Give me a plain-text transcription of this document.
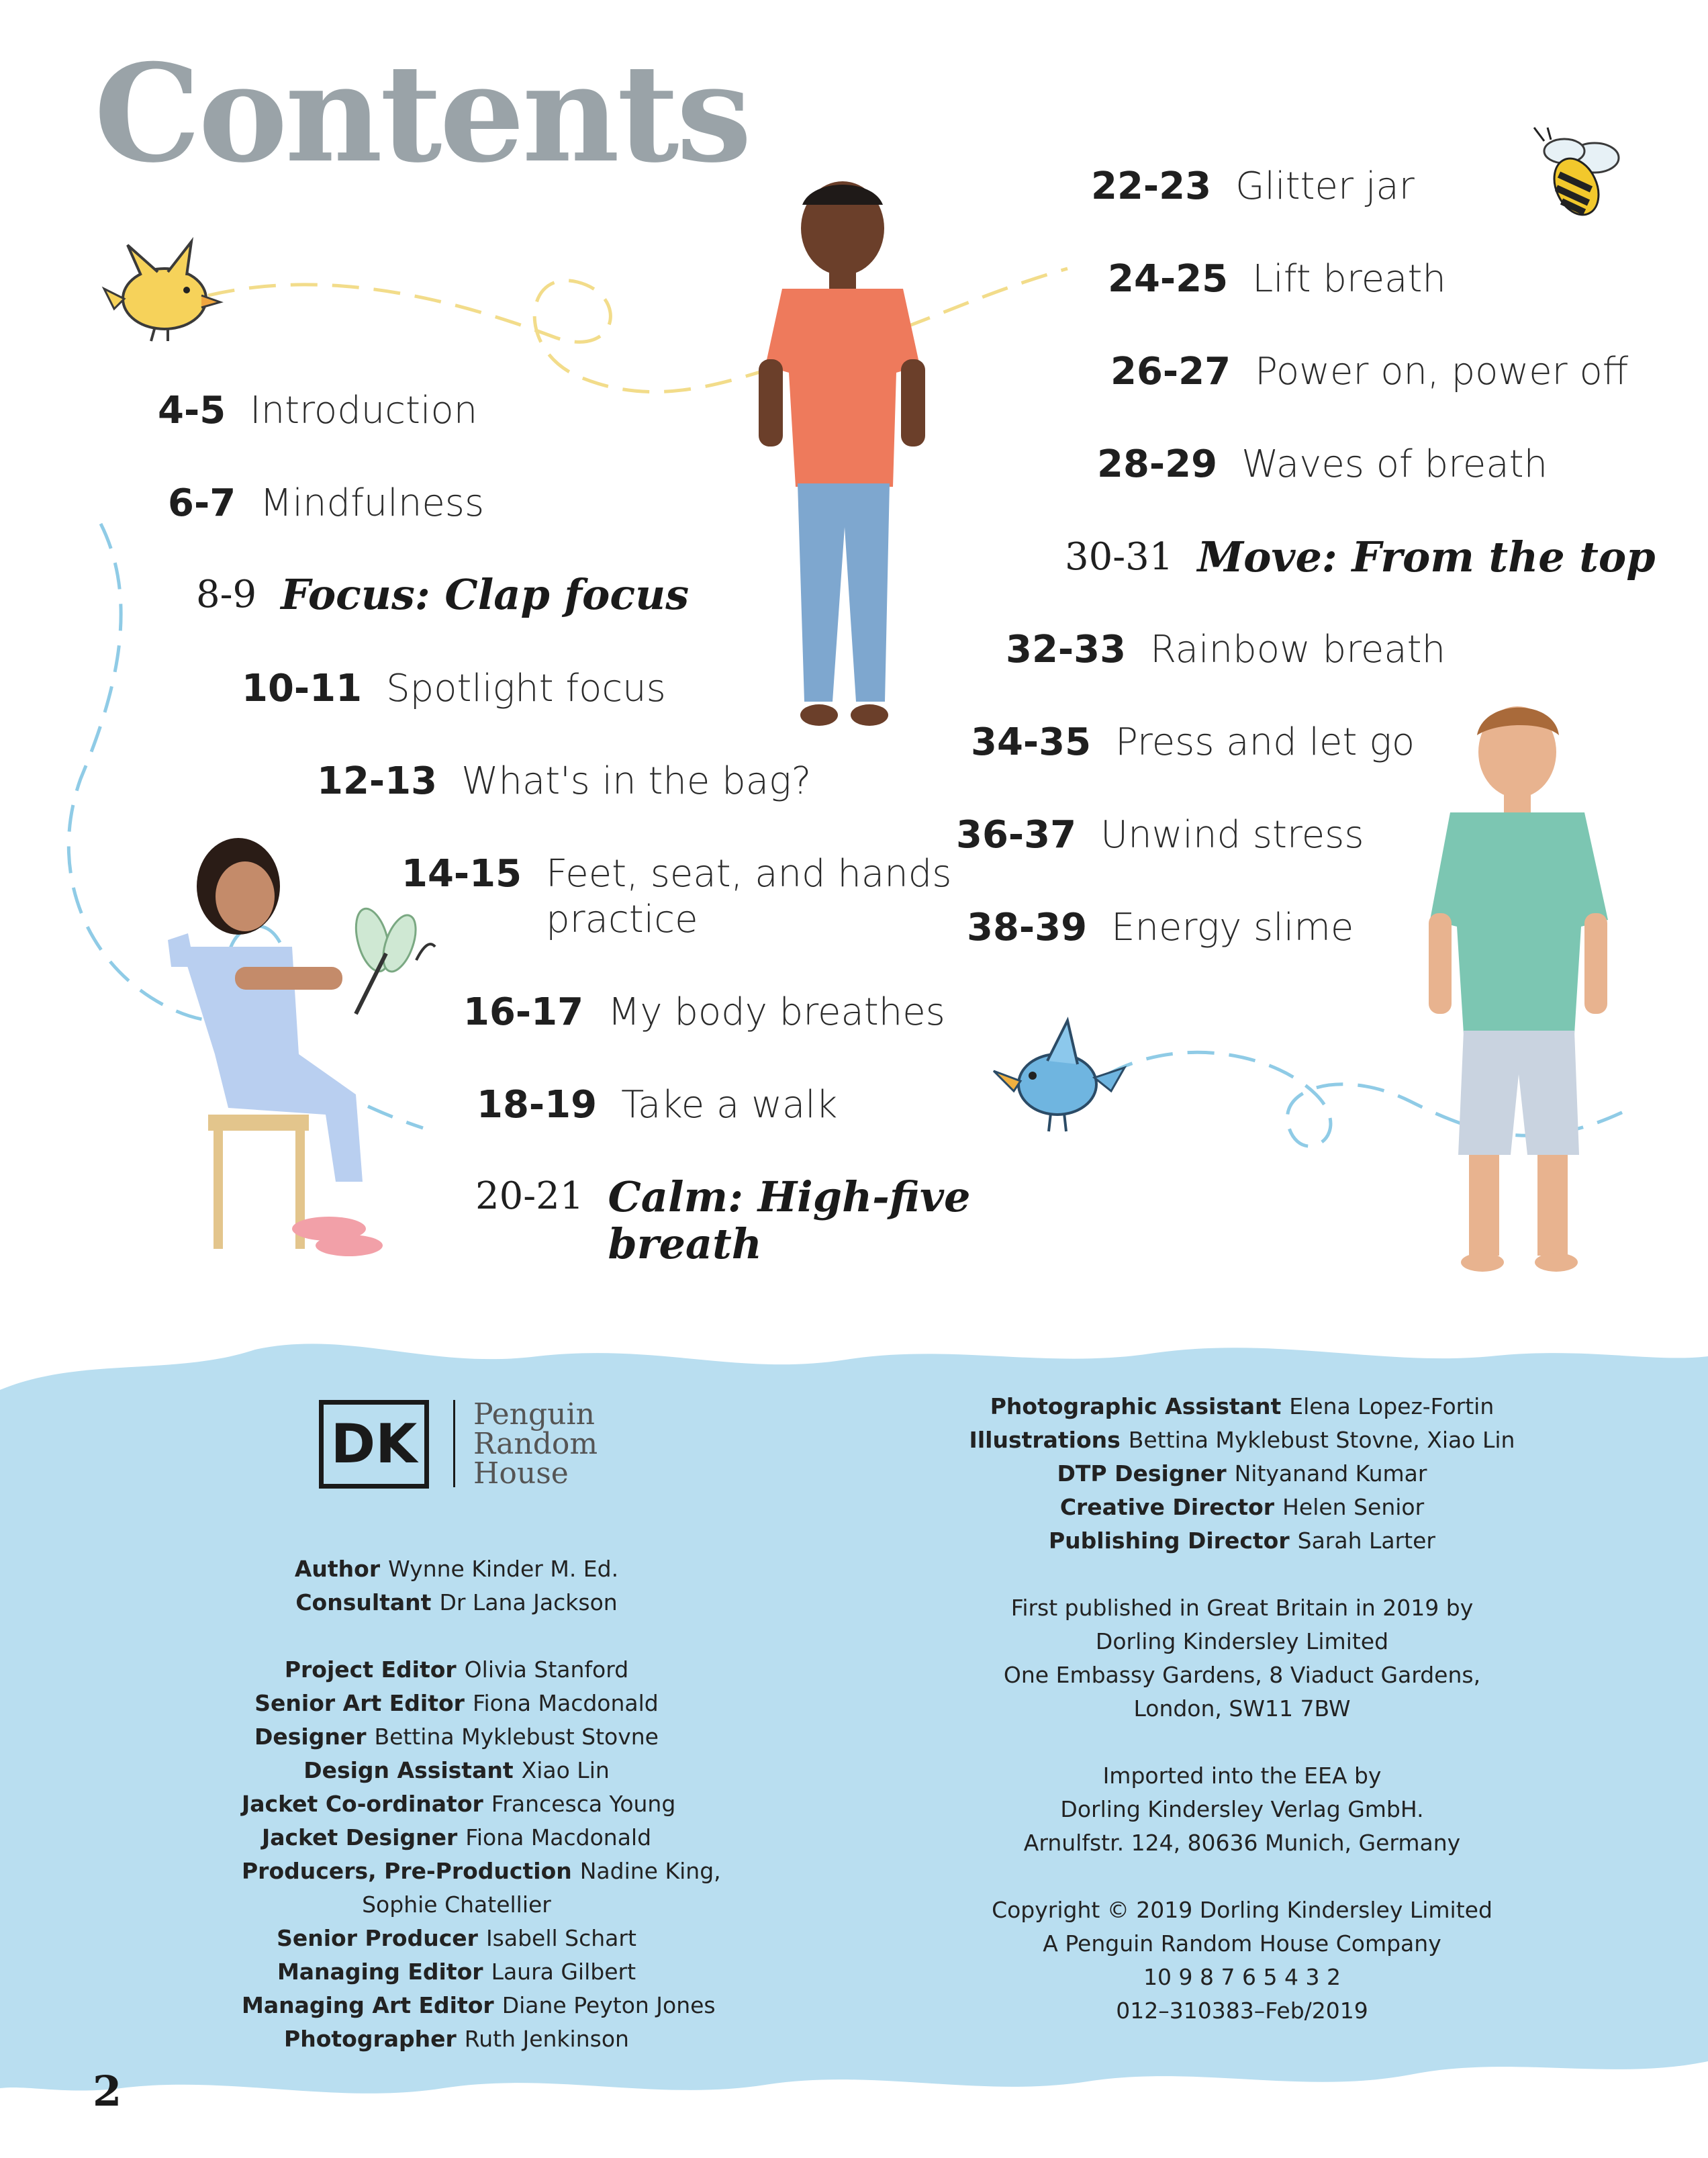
Contents
4-5 Introduction
6-7 Mindfulness
8-9 Focus: Clap focus
10-11 Spotlight focus
12-13 What's in the bag?
14-15 Feet, seat, and hands
practice
16-17 My body breathes
18-19 Take a walk
20-21 Calm: High-five
breath
22-23 Glitter jar
24-25 Lift breath
26-27 Power on, power off
28-29 Waves of breath
30-31 Move: From the top
32-33 Rainbow breath
34-35 Press and let go
36-37 Unwind stress
38-39 Energy slime
DK	Penguin
Random
House
Author Wynne Kinder M. Ed.
Consultant Dr Lana Jackson
Project Editor Olivia Stanford
Senior Art Editor Fiona Macdonald
Designer Bettina Myklebust Stovne
Design Assistant Xiao Lin
Jacket Co-ordinator Francesca Young
Jacket Designer Fiona Macdonald
Producers, Pre-Production Nadine King,
Sophie Chatellier
Senior Producer Isabell Schart
Managing Editor Laura Gilbert
Managing Art Editor Diane Peyton Jones
Photographer Ruth Jenkinson
Photographic Assistant Elena Lopez-Fortin
Illustrations Bettina Myklebust Stovne, Xiao Lin
DTP Designer Nityanand Kumar
Creative Director Helen Senior
Publishing Director Sarah Larter
First published in Great Britain in 2019 by
Dorling Kindersley Limited
One Embassy Gardens, 8 Viaduct Gardens,
London, SW11 7BW
Imported into the EEA by
Dorling Kindersley Verlag GmbH.
Arnulfstr. 124, 80636 Munich, Germany
Copyright © 2019 Dorling Kindersley Limited
A Penguin Random House Company
10 9 8 7 6 5 4 3 2
012–310383–Feb/2019
2
